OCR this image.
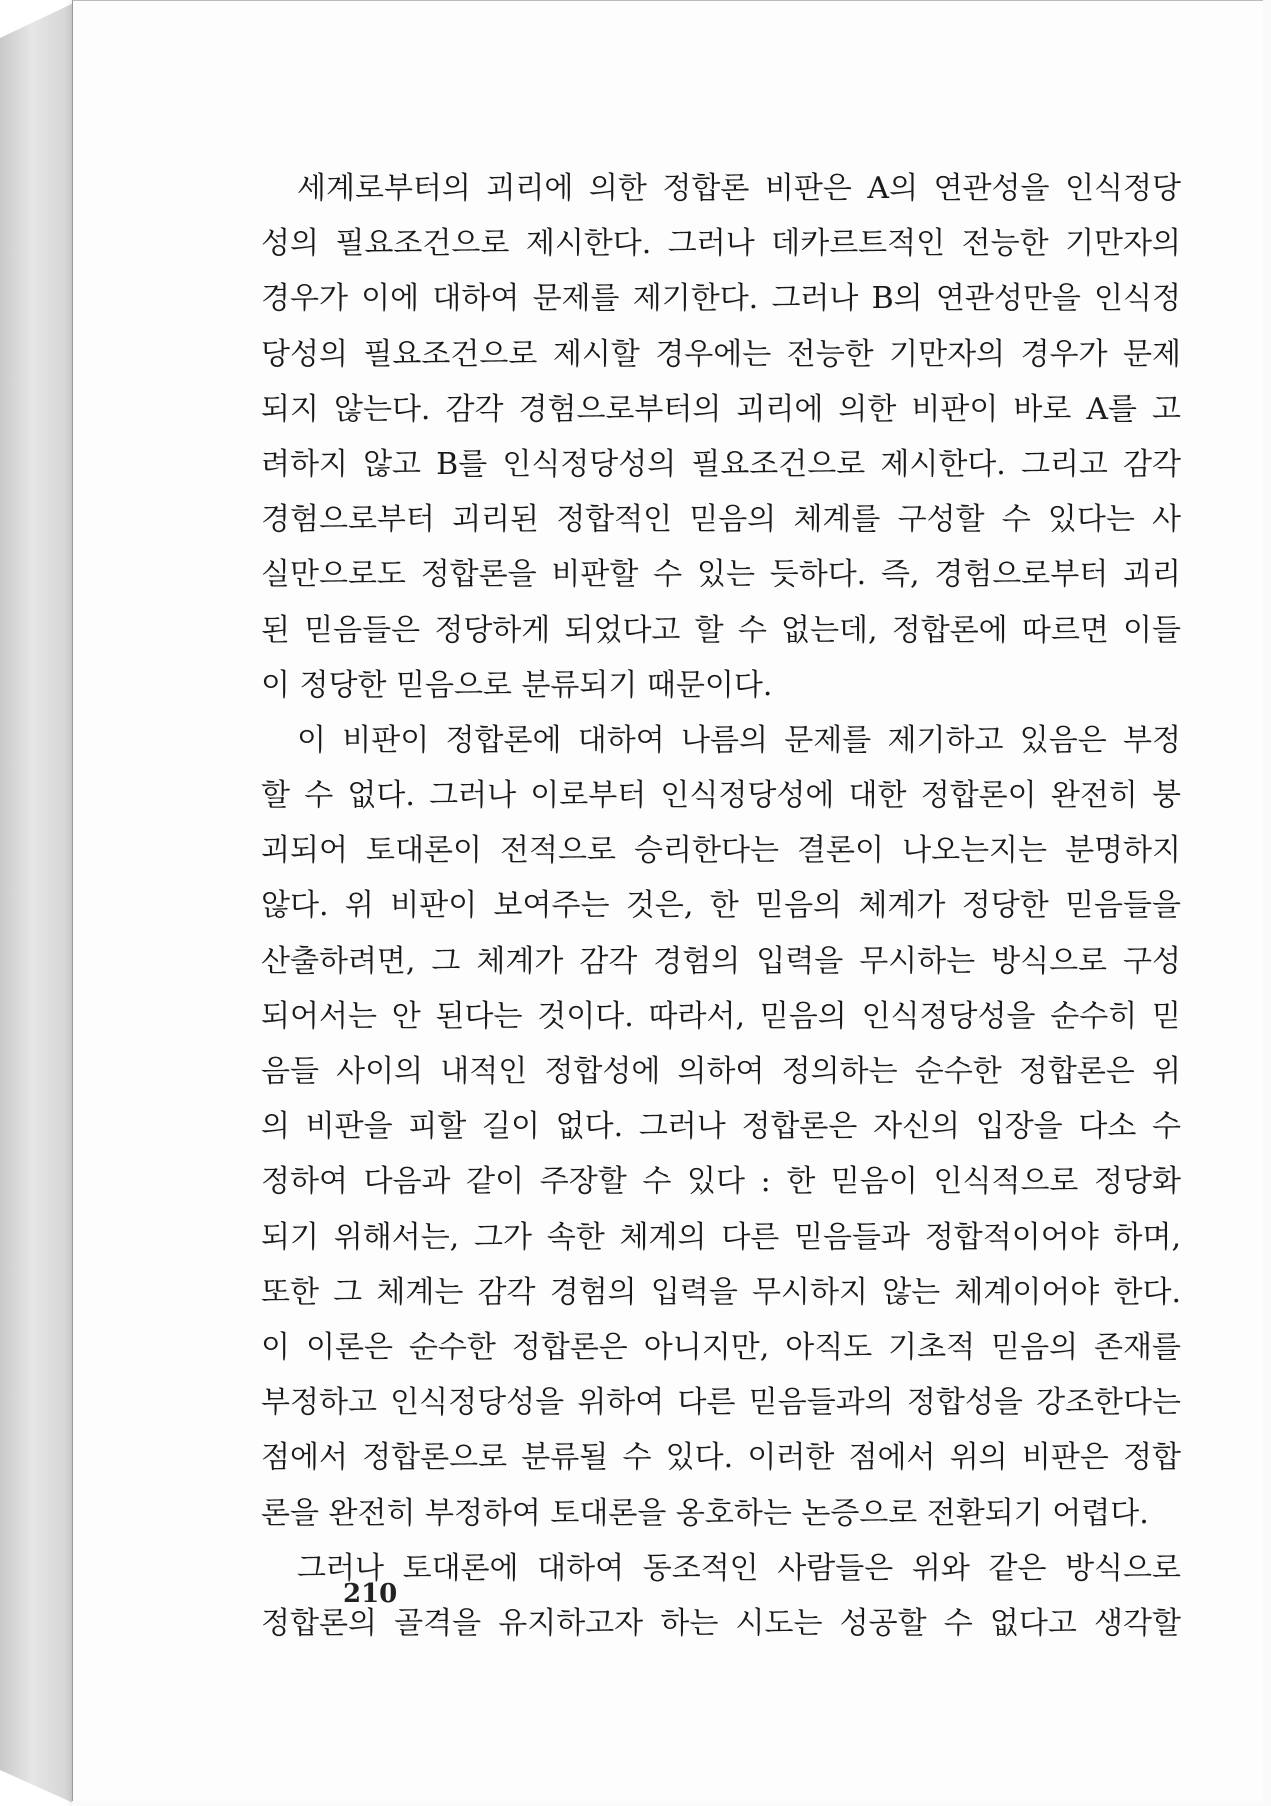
세계로부터의 괴리에 의한 정합론 비판은 A의 연관성을 인식정당
성의 필요조건으로 제시한다. 그러나 데카르트적인 전능한 기만자의
경우가 이에 대하여 문제를 제기한다. 그러나 B의 연관성만을 인식정
당성의 필요조건으로 제시할 경우에는 전능한 기만자의 경우가 문제
되지 않는다. 감각 경험으로부터의 괴리에 의한 비판이 바로 A를 고
려하지 않고 B를 인식정당성의 필요조건으로 제시한다. 그리고 감각
경험으로부터 괴리된 정합적인 믿음의 체계를 구성할 수 있다는 사
실만으로도 정합론을 비판할 수 있는 듯하다. 즉, 경험으로부터 괴리
된 믿음들은 정당하게 되었다고 할 수 없는데, 정합론에 따르면 이들
이 정당한 믿음으로 분류되기 때문이다.
이 비판이 정합론에 대하여 나름의 문제를 제기하고 있음은 부정
할 수 없다. 그러나 이로부터 인식정당성에 대한 정합론이 완전히 붕
괴되어 토대론이 전적으로 승리한다는 결론이 나오는지는 분명하지
않다. 위 비판이 보여주는 것은, 한 믿음의 체계가 정당한 믿음들을
산출하려면, 그 체계가 감각 경험의 입력을 무시하는 방식으로 구성
되어서는 안 된다는 것이다. 따라서, 믿음의 인식정당성을 순수히 믿
음들 사이의 내적인 정합성에 의하여 정의하는 순수한 정합론은 위
의 비판을 피할 길이 없다. 그러나 정합론은 자신의 입장을 다소 수
정하여 다음과 같이 주장할 수 있다 : 한 믿음이 인식적으로 정당화
되기 위해서는, 그가 속한 체계의 다른 믿음들과 정합적이어야 하며,
또한 그 체계는 감각 경험의 입력을 무시하지 않는 체계이어야 한다.
이 이론은 순수한 정합론은 아니지만, 아직도 기초적 믿음의 존재를
부정하고 인식정당성을 위하여 다른 믿음들과의 정합성을 강조한다는
점에서 정합론으로 분류될 수 있다. 이러한 점에서 위의 비판은 정합
론을 완전히 부정하여 토대론을 옹호하는 논증으로 전환되기 어렵다.
그러나 토대론에 대하여 동조적인 사람들은 위와 같은 방식으로
정합론의 골격을 유지하고자 하는 시도는 성공할 수 없다고 생각할
210
